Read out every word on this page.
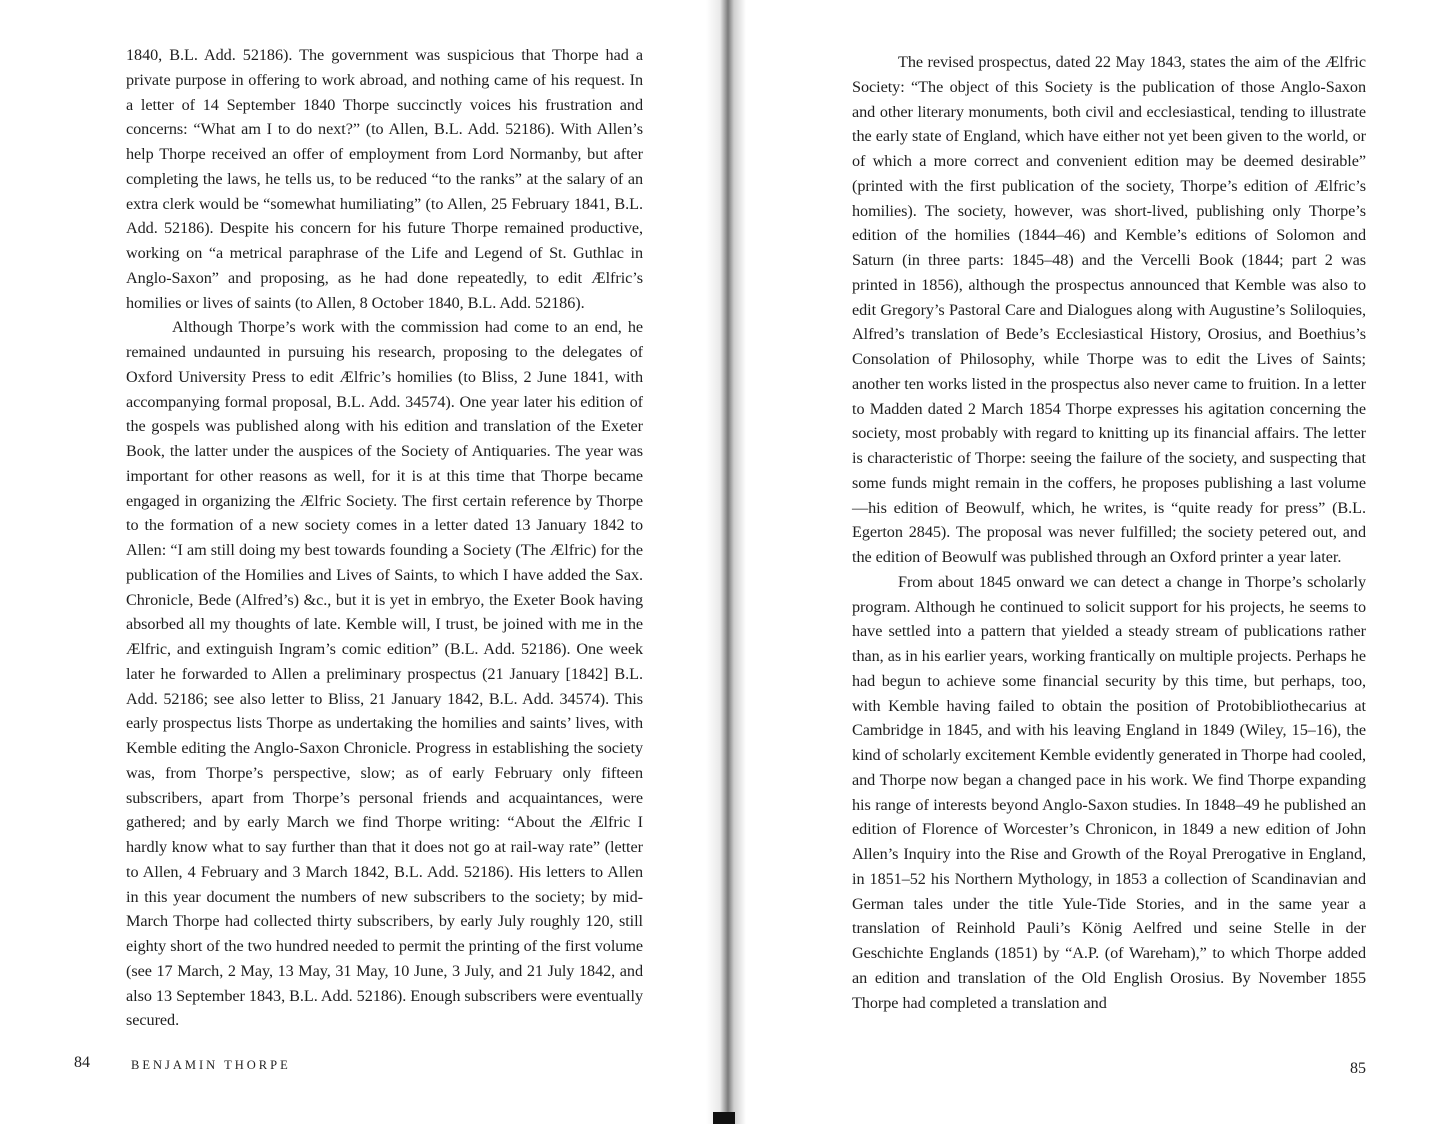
1840, B.L. Add. 52186). The government was suspicious that Thorpe had a private purpose in offering to work abroad, and nothing came of his request. In a letter of 14 September 1840 Thorpe succinctly voices his frustration and concerns: “What am I to do next?” (to Allen, B.L. Add. 52186). With Allen’s help Thorpe received an offer of employment from Lord Normanby, but after completing the laws, he tells us, to be reduced “to the ranks” at the salary of an extra clerk would be “somewhat humiliating” (to Allen, 25 February 1841, B.L. Add. 52186). Despite his concern for his future Thorpe remained productive, working on “a metrical paraphrase of the Life and Legend of St. Guthlac in Anglo-Saxon” and proposing, as he had done repeatedly, to edit Ælfric’s homilies or lives of saints (to Allen, 8 October 1840, B.L. Add. 52186).

Although Thorpe’s work with the commission had come to an end, he remained undaunted in pursuing his research, proposing to the delegates of Oxford University Press to edit Ælfric’s homilies (to Bliss, 2 June 1841, with accompanying formal proposal, B.L. Add. 34574). One year later his edition of the gospels was published along with his edition and translation of the Exeter Book, the latter under the auspices of the Society of Antiquaries. The year was important for other reasons as well, for it is at this time that Thorpe became engaged in organizing the Ælfric Society. The first certain reference by Thorpe to the formation of a new society comes in a letter dated 13 January 1842 to Allen: “I am still doing my best towards founding a Society (The Ælfric) for the publication of the Homilies and Lives of Saints, to which I have added the Sax. Chronicle, Bede (Alfred’s) &c., but it is yet in embryo, the Exeter Book having absorbed all my thoughts of late. Kemble will, I trust, be joined with me in the Ælfric, and extinguish Ingram’s comic edition” (B.L. Add. 52186). One week later he forwarded to Allen a preliminary prospectus (21 January [1842] B.L. Add. 52186; see also letter to Bliss, 21 January 1842, B.L. Add. 34574). This early prospectus lists Thorpe as undertaking the homilies and saints’ lives, with Kemble editing the Anglo-Saxon Chronicle. Progress in establishing the society was, from Thorpe’s perspective, slow; as of early February only fifteen subscribers, apart from Thorpe’s personal friends and acquaintances, were gathered; and by early March we find Thorpe writing: “About the Ælfric I hardly know what to say further than that it does not go at rail-way rate” (letter to Allen, 4 February and 3 March 1842, B.L. Add. 52186). His letters to Allen in this year document the numbers of new subscribers to the society; by mid-March Thorpe had collected thirty subscribers, by early July roughly 120, still eighty short of the two hundred needed to permit the printing of the first volume (see 17 March, 2 May, 13 May, 31 May, 10 June, 3 July, and 21 July 1842, and also 13 September 1843, B.L. Add. 52186). Enough subscribers were eventually secured.

84	BENJAMIN THORPE

The revised prospectus, dated 22 May 1843, states the aim of the Ælfric Society: “The object of this Society is the publication of those Anglo-Saxon and other literary monuments, both civil and ecclesiastical, tending to illustrate the early state of England, which have either not yet been given to the world, or of which a more correct and convenient edition may be deemed desirable” (printed with the first publication of the society, Thorpe’s edition of Ælfric’s homilies). The society, however, was short-lived, publishing only Thorpe’s edition of the homilies (1844–46) and Kemble’s editions of Solomon and Saturn (in three parts: 1845–48) and the Vercelli Book (1844; part 2 was printed in 1856), although the prospectus announced that Kemble was also to edit Gregory’s Pastoral Care and Dialogues along with Augustine’s Soliloquies, Alfred’s translation of Bede’s Ecclesiastical History, Orosius, and Boethius’s Consolation of Philosophy, while Thorpe was to edit the Lives of Saints; another ten works listed in the prospectus also never came to fruition. In a letter to Madden dated 2 March 1854 Thorpe expresses his agitation concerning the society, most probably with regard to knitting up its financial affairs. The letter is characteristic of Thorpe: seeing the failure of the society, and suspecting that some funds might remain in the coffers, he proposes publishing a last volume—his edition of Beowulf, which, he writes, is “quite ready for press” (B.L. Egerton 2845). The proposal was never fulfilled; the society petered out, and the edition of Beowulf was published through an Oxford printer a year later.

From about 1845 onward we can detect a change in Thorpe’s scholarly program. Although he continued to solicit support for his projects, he seems to have settled into a pattern that yielded a steady stream of publications rather than, as in his earlier years, working frantically on multiple projects. Perhaps he had begun to achieve some financial security by this time, but perhaps, too, with Kemble having failed to obtain the position of Protobibliothecarius at Cambridge in 1845, and with his leaving England in 1849 (Wiley, 15–16), the kind of scholarly excitement Kemble evidently generated in Thorpe had cooled, and Thorpe now began a changed pace in his work. We find Thorpe expanding his range of interests beyond Anglo-Saxon studies. In 1848–49 he published an edition of Florence of Worcester’s Chronicon, in 1849 a new edition of John Allen’s Inquiry into the Rise and Growth of the Royal Prerogative in England, in 1851–52 his Northern Mythology, in 1853 a collection of Scandinavian and German tales under the title Yule-Tide Stories, and in the same year a translation of Reinhold Pauli’s König Aelfred und seine Stelle in der Geschichte Englands (1851) by “A.P. (of Wareham),” to which Thorpe added an edition and translation of the Old English Orosius. By November 1855 Thorpe had completed a translation and

85
